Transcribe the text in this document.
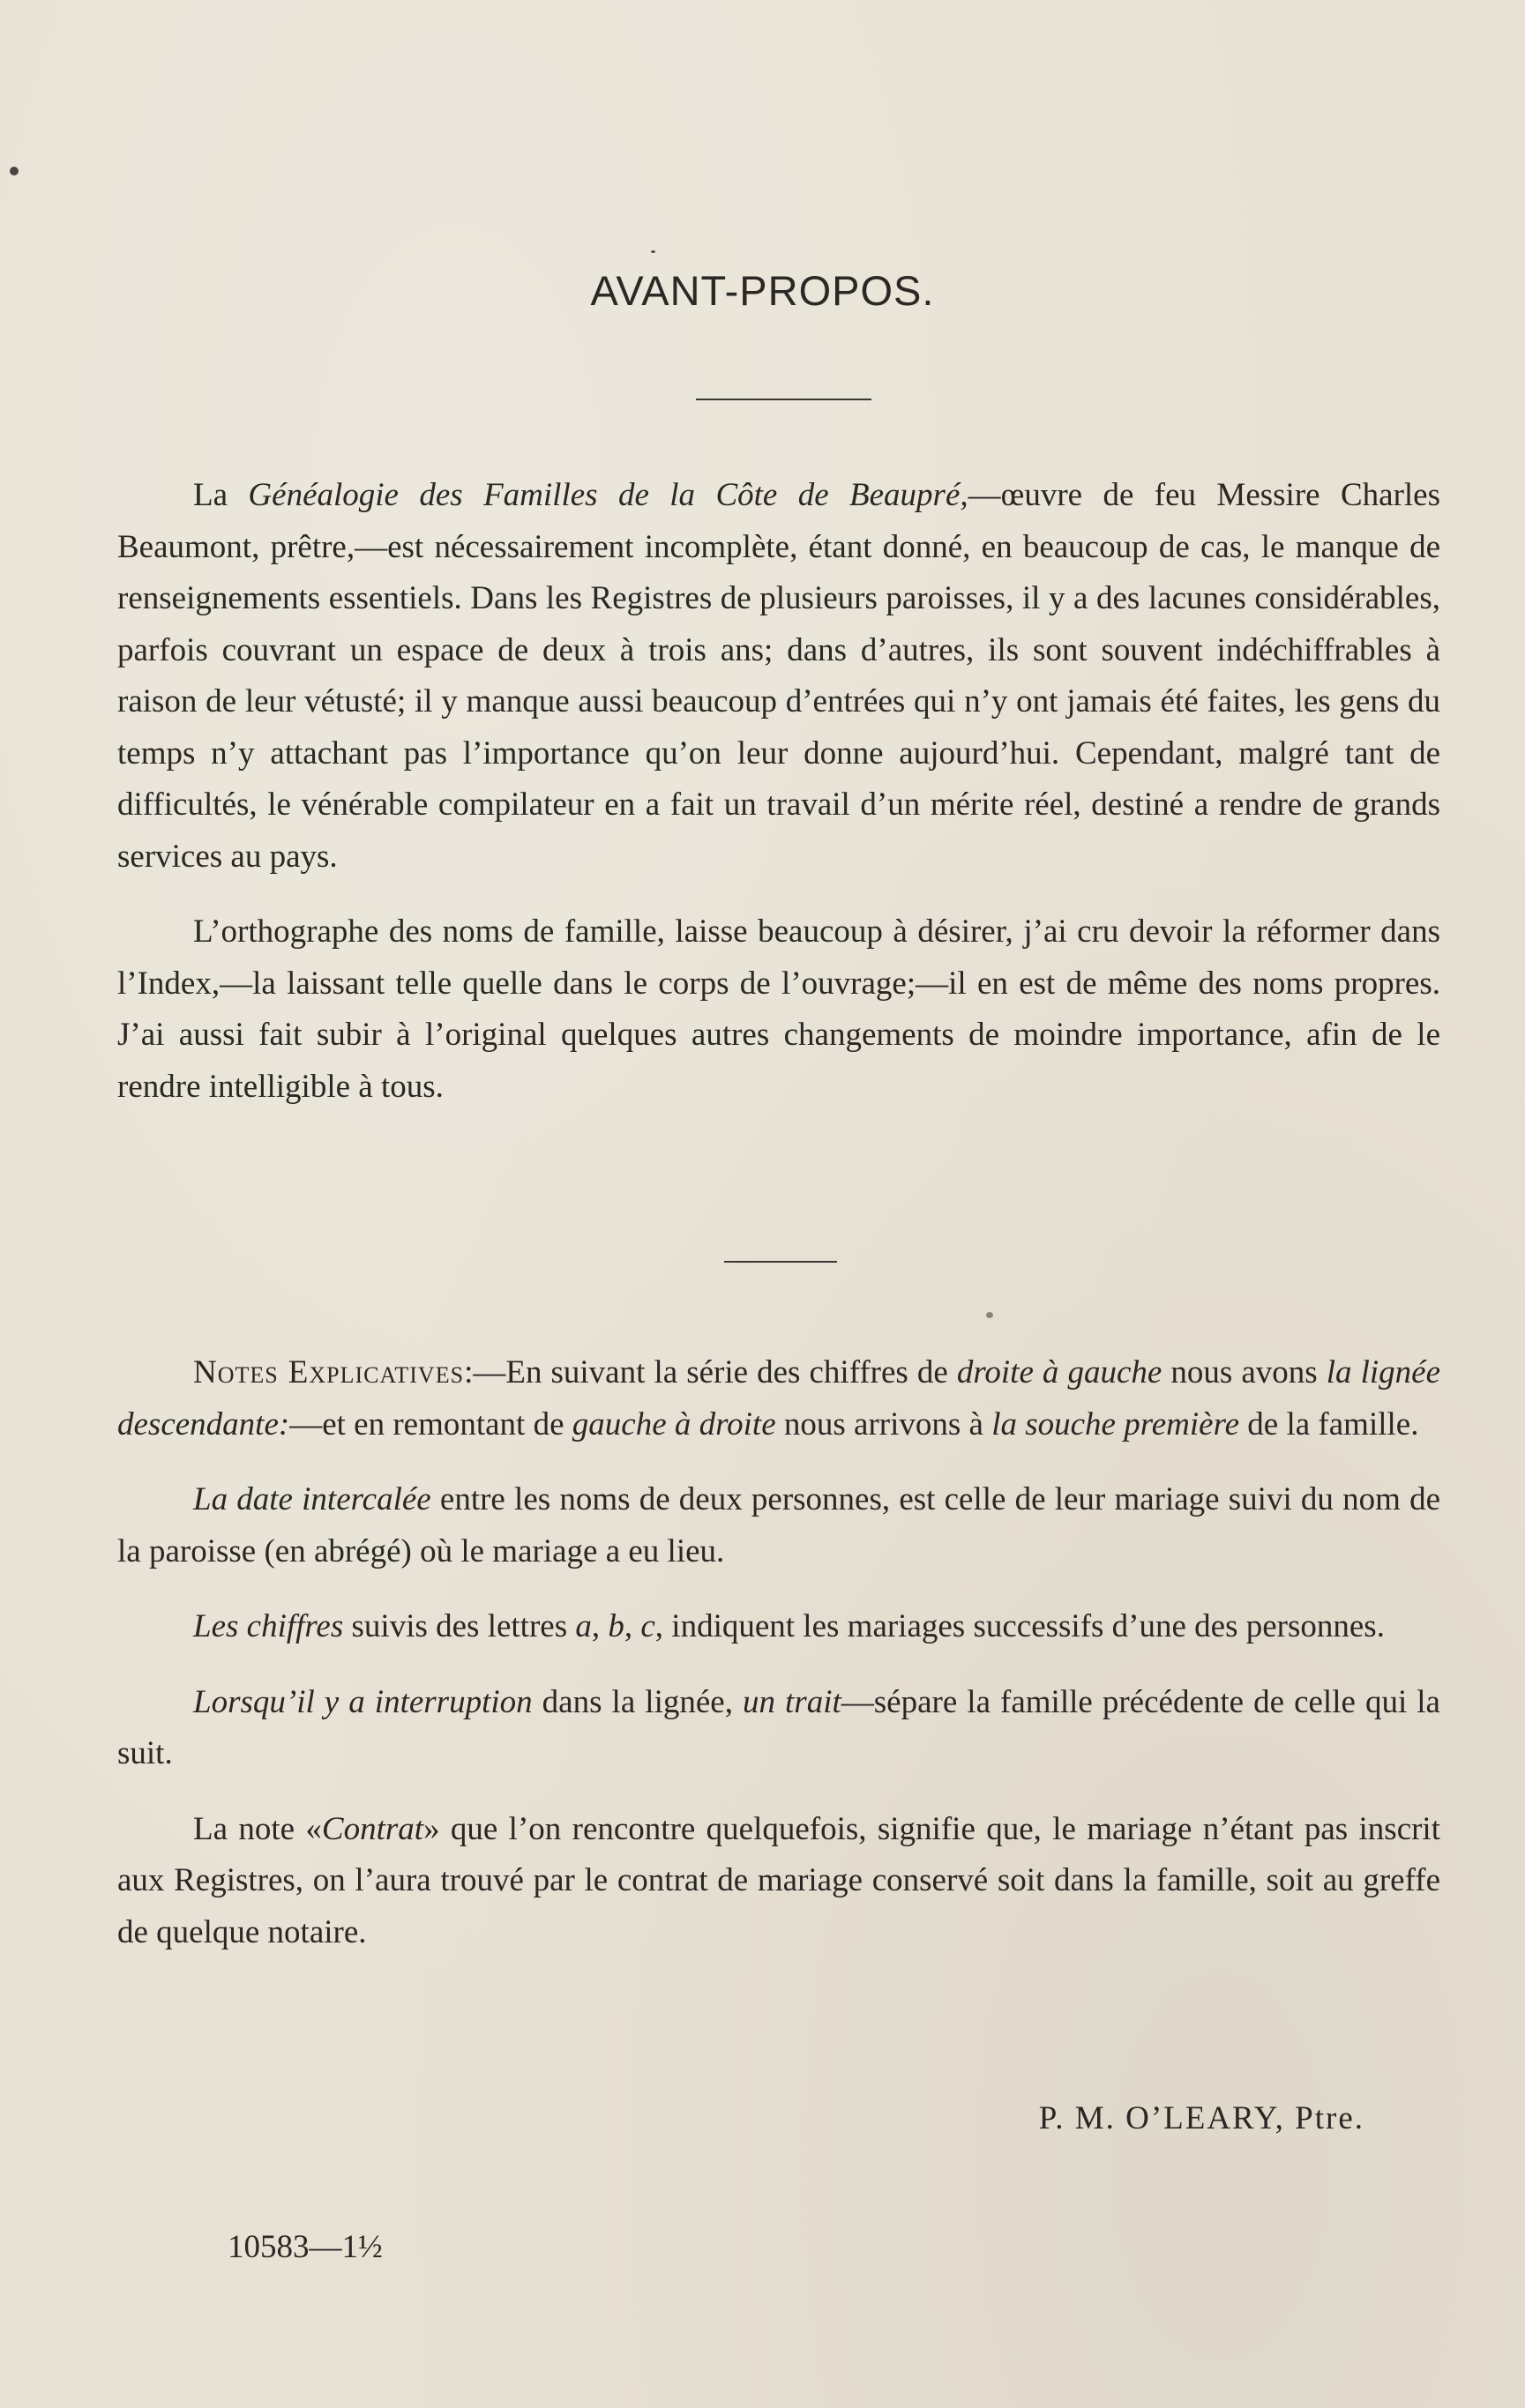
AVANT-PROPOS.

La Généalogie des Familles de la Côte de Beaupré,—œuvre de feu Messire Charles Beaumont, prêtre,—est nécessairement incomplète, étant donné, en beaucoup de cas, le manque de renseignements essentiels. Dans les Registres de plusieurs paroisses, il y a des lacunes considérables, parfois couvrant un espace de deux à trois ans; dans d’autres, ils sont souvent indéchiffrables à raison de leur vétusté; il y manque aussi beaucoup d’entrées qui n’y ont jamais été faites, les gens du temps n’y attachant pas l’importance qu’on leur donne aujourd’hui. Cependant, malgré tant de difficultés, le vénérable compilateur en a fait un travail d’un mérite réel, destiné a rendre de grands services au pays.

L’orthographe des noms de famille, laisse beaucoup à désirer, j’ai cru devoir la réformer dans l’Index,—la laissant telle quelle dans le corps de l’ouvrage;—il en est de même des noms propres. J’ai aussi fait subir à l’original quelques autres changements de moindre importance, afin de le rendre intelligible à tous.

Notes Explicatives:—En suivant la série des chiffres de droite à gauche nous avons la lignée descendante:—et en remontant de gauche à droite nous arrivons à la souche première de la famille.

La date intercalée entre les noms de deux personnes, est celle de leur mariage suivi du nom de la paroisse (en abrégé) où le mariage a eu lieu.

Les chiffres suivis des lettres a, b, c, indiquent les mariages successifs d’une des personnes.

Lorsqu’il y a interruption dans la lignée, un trait—sépare la famille précédente de celle qui la suit.

La note «Contrat» que l’on rencontre quelquefois, signifie que, le mariage n’étant pas inscrit aux Registres, on l’aura trouvé par le contrat de mariage conservé soit dans la famille, soit au greffe de quelque notaire.

P. M. O’LEARY, Ptre.
10583—1½
